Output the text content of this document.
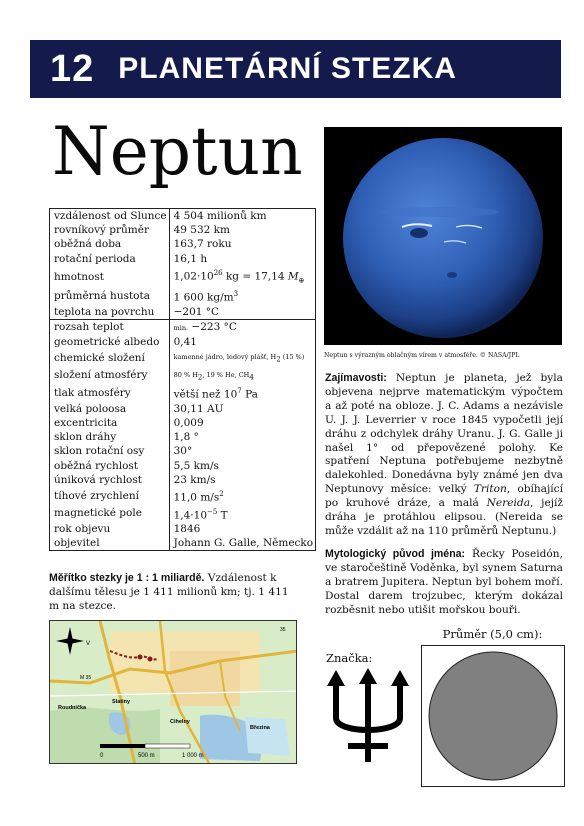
12 PLANETÁRNÍ STEZKA
Neptun
vzdálenost od Slunce	4 504 milionů km
rovníkový průměr	49 532 km
oběžná doba	163,7 roku
rotační perioda	16,1 h
hmotnost	$1,02\cdot 10^{26}$ kg = 17,14 $M_\oplus$
průměrná hustota	1 600 $kg/m^3$
teplota na povrchu	−201 °C
rozsah teplot	min. −223 °C
geometrické albedo	0,41
chemické složení	kamenné jádro, ledový plášť, $H_2$ (15 %)
složení atmosféry	80 % $H_2$, 19 % He, $CH_4$
tlak atmosféry	větší než $10^7$ Pa
velká poloosa	30,11 AU
excentricita	0,009
sklon dráhy	1,8 °
sklon rotační osy	30°
oběžná rychlost	5,5 km/s
úniková rychlost	23 km/s
tíhové zrychlení	11,0 $m/s^2$
magnetické pole	$1,4\cdot 10^{-5}$ T
rok objevu	1846
objevitel	Johann G. Galle, Německo
Měřítko stezky je 1 : 1 miliardě. Vzdálenost k dalšímu tělesu je 1 411 milionů km; tj. 1 411 m na stezce.
0	500 m	1 000 m
Roudnička
Slatiny
Cihelny
Březina
M 35
35
V
Neptun s výrazným oblačným vírem v atmosféře. © NASA/JPL
Zajímavosti: Neptun je planeta, jež byla objevena nejprve matematickým výpočtem a až poté na obloze. J. C. Adams a nezávisle U. J. J. Leverrier v roce 1845 vypočetli její dráhu z odchylek dráhy Uranu. J. G. Galle ji našel 1° od přepovězené polohy. Ke spatření Neptuna potřebujeme nezbytně dalekohled. Donedávna byly známé jen dva Neptunovy měsíce: velký Triton, obíhající po kruhové dráze, a malá Nereida, jejíž dráha je protáhlou elipsou. (Nereida se může vzdálit až na 110 průměrů Neptunu.)
Mytologický původ jména: Řecky Poseidón, ve staročeštině Voděnka, byl synem Saturna a bratrem Jupitera. Neptun byl bohem moří. Dostal darem trojzubec, kterým dokázal rozběsnit nebo utišit mořskou bouři.
Průměr (5,0 cm):
Značka:
